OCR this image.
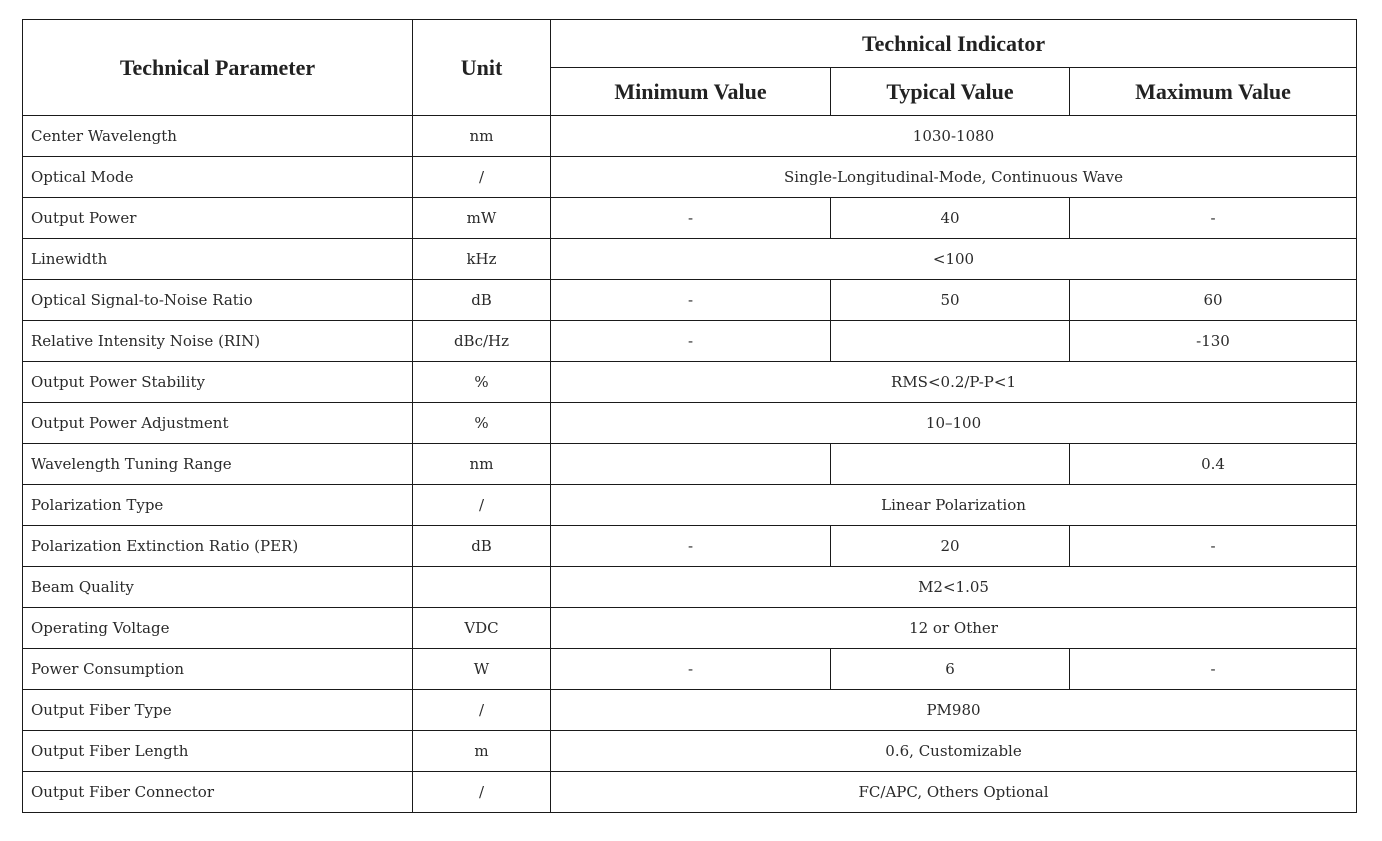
Technical Parameter	Unit	Technical Indicator		
		Minimum Value	Typical Value	Maximum Value
Center Wavelength	nm	1030-1080		
Optical Mode	/	Single-Longitudinal-Mode, Continuous Wave		
Output Power	mW	-	40	-
Linewidth	kHz	<100		
Optical Signal-to-Noise Ratio	dB	-	50	60
Relative Intensity Noise (RIN)	dBc/Hz	-		-130
Output Power Stability	%	RMS<0.2/P-P<1		
Output Power Adjustment	%	10–100		
Wavelength Tuning Range	nm			0.4
Polarization Type	/	Linear Polarization		
Polarization Extinction Ratio (PER)	dB	-	20	-
Beam Quality		M2<1.05		
Operating Voltage	VDC	12 or Other		
Power Consumption	W	-	6	-
Output Fiber Type	/	PM980		
Output Fiber Length	m	0.6, Customizable		
Output Fiber Connector	/	FC/APC, Others Optional		
